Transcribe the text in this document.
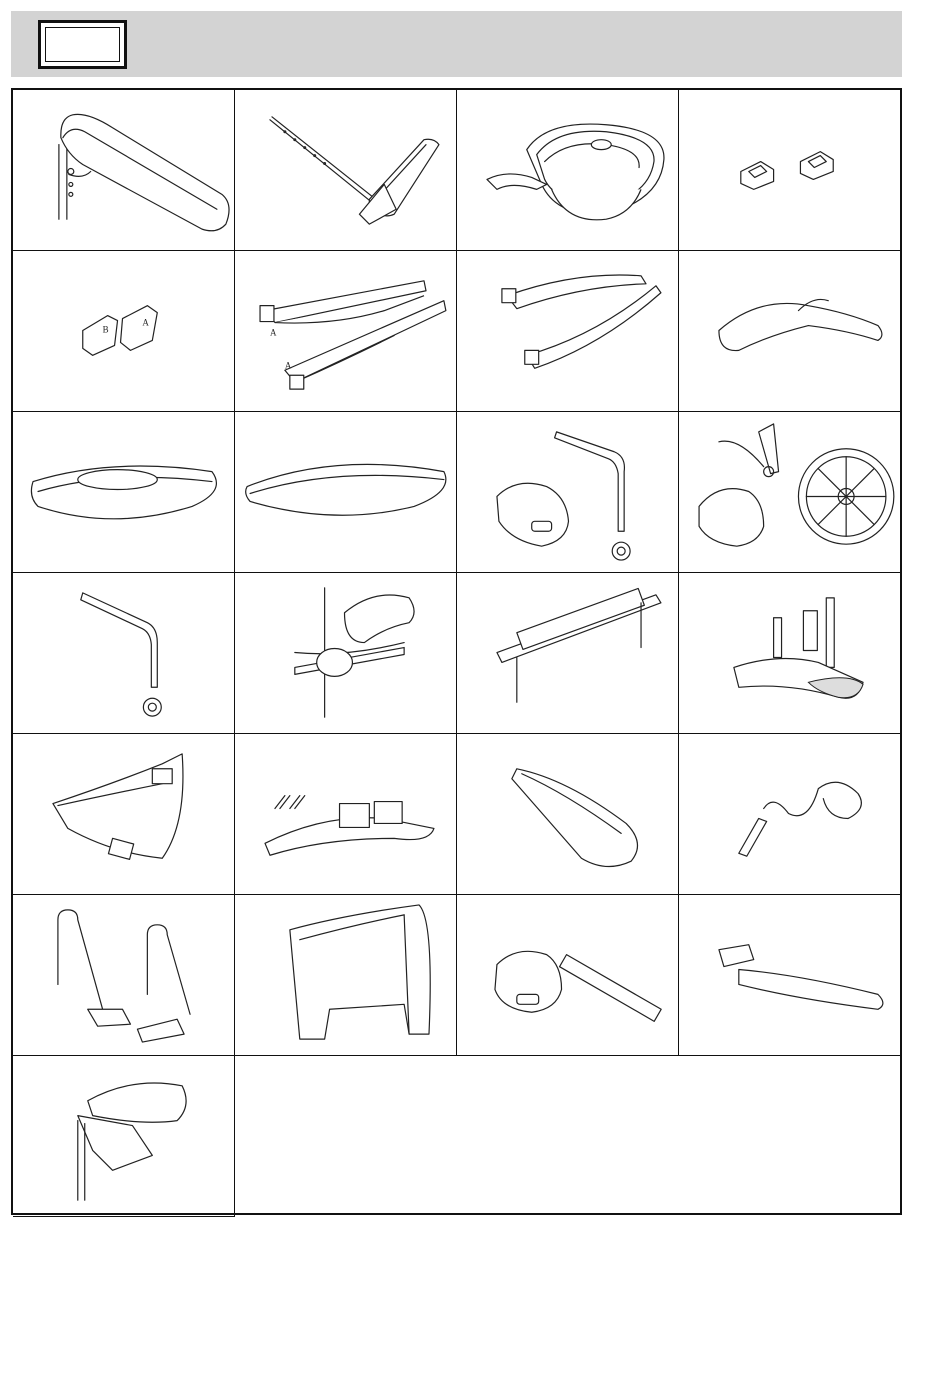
B
A
A
A
